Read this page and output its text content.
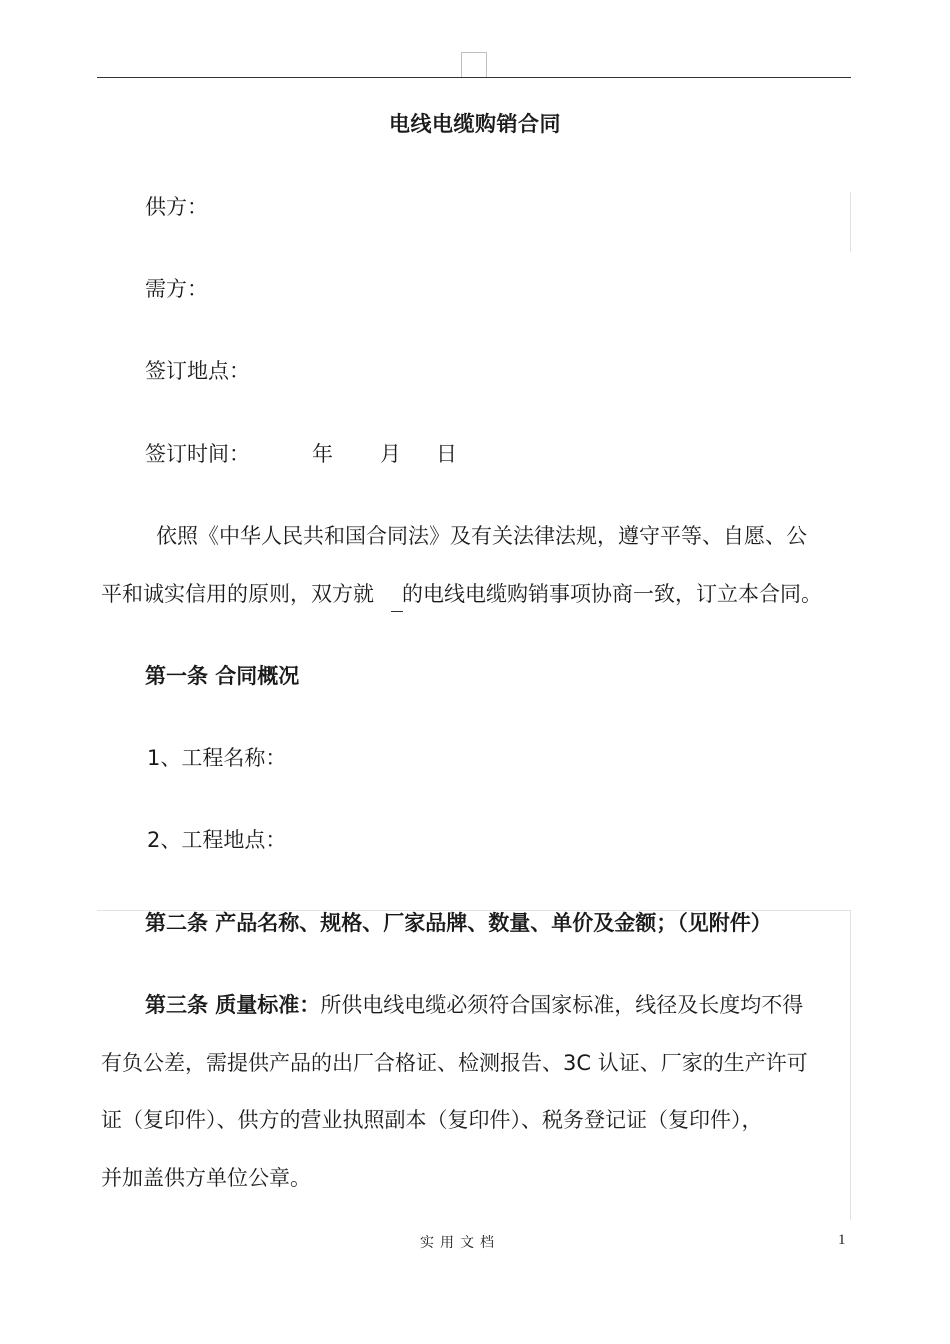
电线电缆购销合同
供方：
需方：
签订地点：
签订时间：	年 月 日
依照《中华人民共和国合同法》及有关法律法规，遵守平等、自愿、公
平和诚实信用的原则，双方就 的电线电缆购销事项协商一致，订立本合同。
第一条 合同概况
1、工程名称：
2、工程地点：
第二条 产品名称、规格、厂家品牌、数量、单价及金额；（见附件）
第三条 质量标准：所供电线电缆必须符合国家标准，线径及长度均不得
有负公差，需提供产品的出厂合格证、检测报告、3C 认证、厂家的生产许可
证（复印件）、供方的营业执照副本（复印件）、税务登记证（复印件），
并加盖供方单位公章。
实用文档	1
